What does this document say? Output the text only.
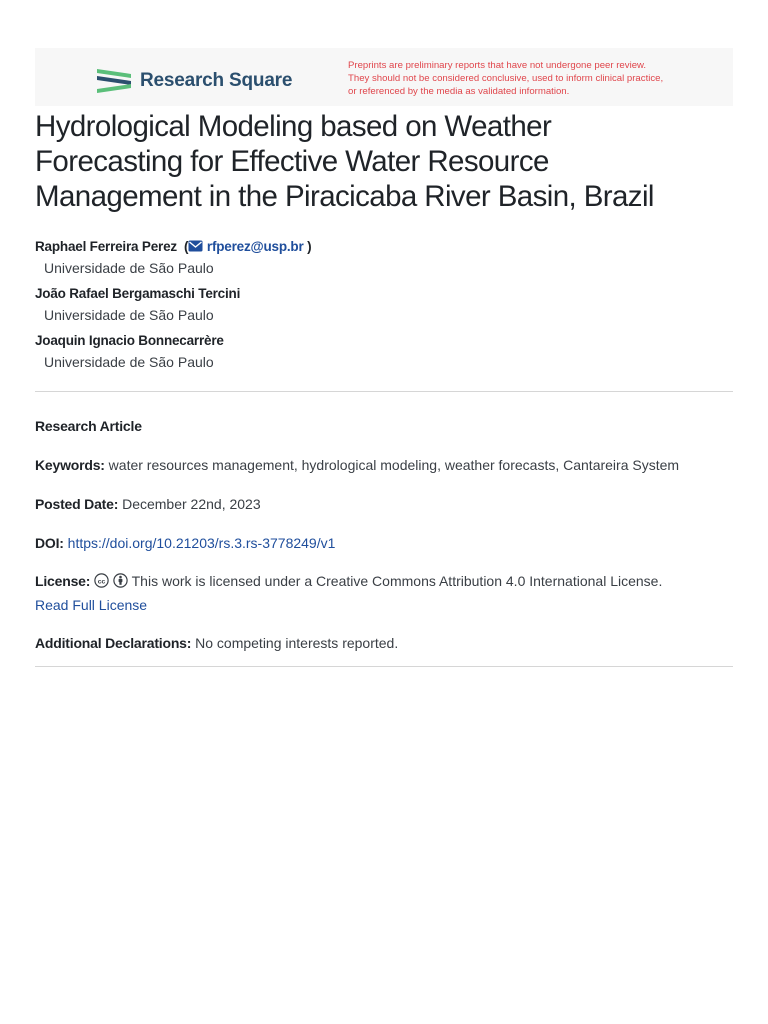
Research Square
Preprints are preliminary reports that have not undergone peer review.
They should not be considered conclusive, used to inform clinical practice,
or referenced by the media as validated information.
Hydrological Modeling based on Weather
Forecasting for Effective Water Resource
Management in the Piracicaba River Basin, Brazil
Raphael Ferreira Perez  ( rfperez@usp.br )
Universidade de São Paulo
João Rafael Bergamaschi Tercini
Universidade de São Paulo
Joaquin Ignacio Bonnecarrère
Universidade de São Paulo
Research Article
Keywords: water resources management, hydrological modeling, weather forecasts, Cantareira System
Posted Date: December 22nd, 2023
DOI: https://doi.org/10.21203/rs.3.rs-3778249/v1
License: cc This work is licensed under a Creative Commons Attribution 4.0 International License.
Read Full License
Additional Declarations: No competing interests reported.
